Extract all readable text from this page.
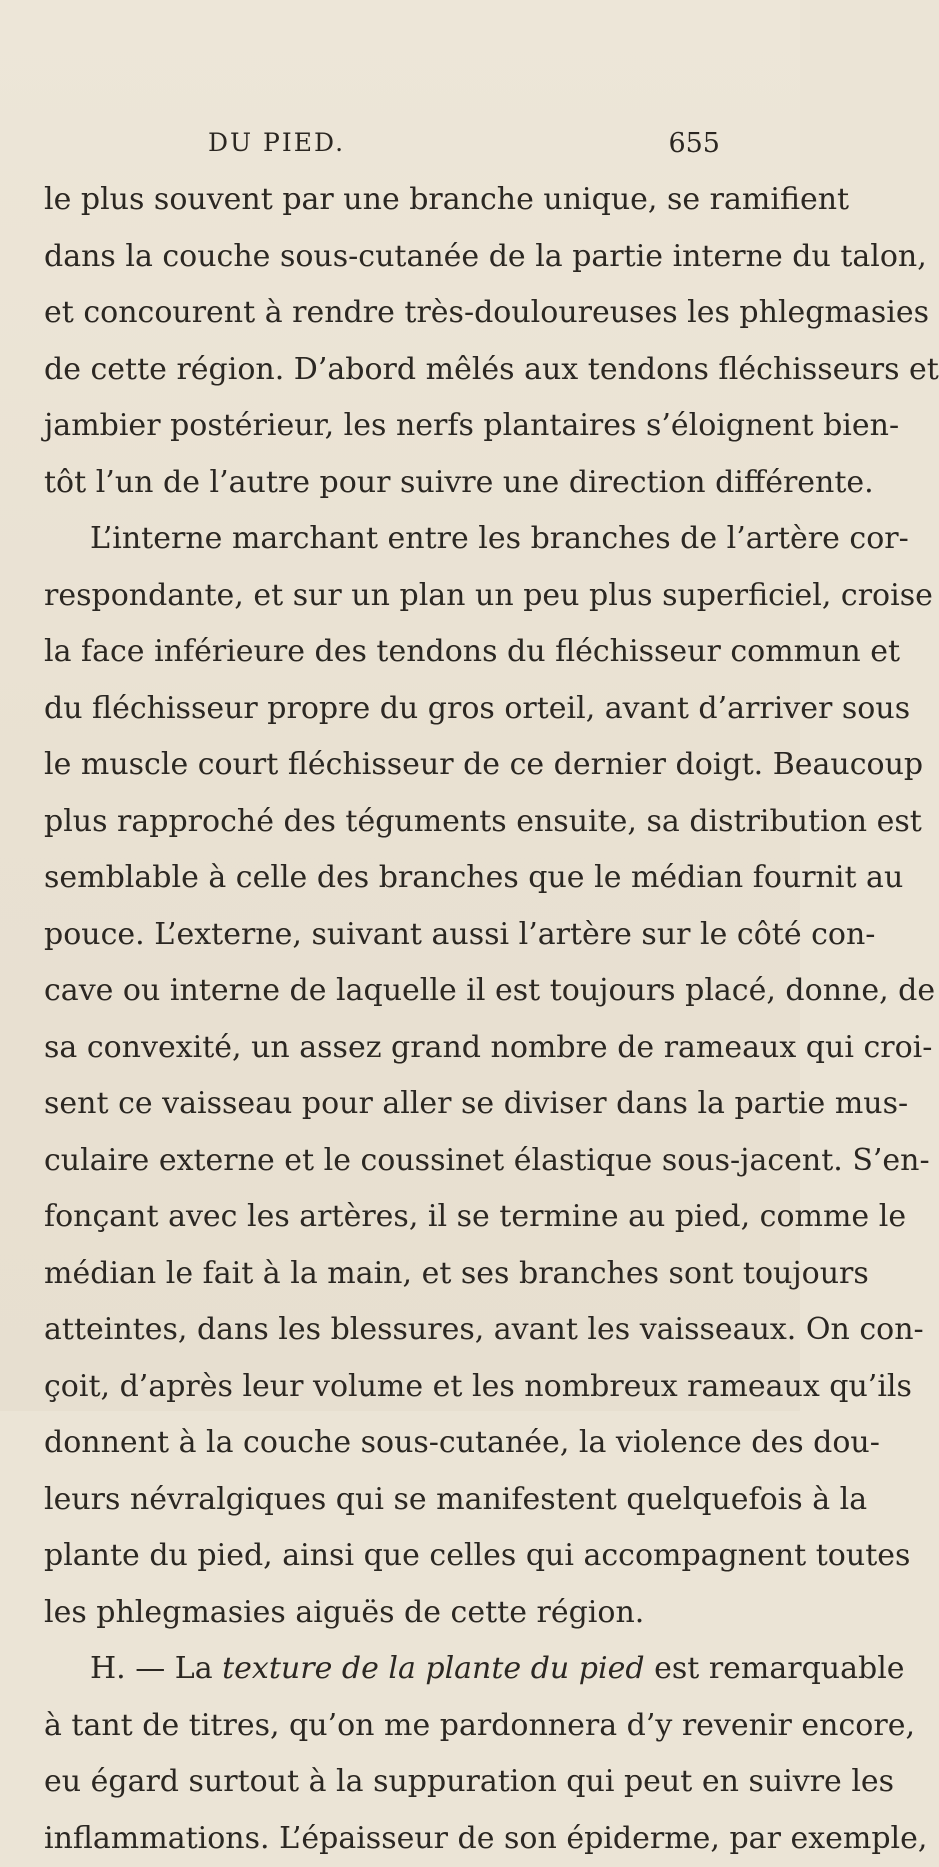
DU PIED.	655

le plus souvent par une branche unique, se ramifient
dans la couche sous-cutanée de la partie interne du talon,
et concourent à rendre très-douloureuses les phlegmasies
de cette région. D’abord mêlés aux tendons fléchisseurs et
jambier postérieur, les nerfs plantaires s’éloignent bien-
tôt l’un de l’autre pour suivre une direction différente.

L’interne marchant entre les branches de l’artère cor-
respondante, et sur un plan un peu plus superficiel, croise
la face inférieure des tendons du fléchisseur commun et
du fléchisseur propre du gros orteil, avant d’arriver sous
le muscle court fléchisseur de ce dernier doigt. Beaucoup
plus rapproché des téguments ensuite, sa distribution est
semblable à celle des branches que le médian fournit au
pouce. L’externe, suivant aussi l’artère sur le côté con-
cave ou interne de laquelle il est toujours placé, donne, de
sa convexité, un assez grand nombre de rameaux qui croi-
sent ce vaisseau pour aller se diviser dans la partie mus-
culaire externe et le coussinet élastique sous-jacent. S’en-
fonçant avec les artères, il se termine au pied, comme le
médian le fait à la main, et ses branches sont toujours
atteintes, dans les blessures, avant les vaisseaux. On con-
çoit, d’après leur volume et les nombreux rameaux qu’ils
donnent à la couche sous-cutanée, la violence des dou-
leurs névralgiques qui se manifestent quelquefois à la
plante du pied, ainsi que celles qui accompagnent toutes
les phlegmasies aiguës de cette région.

H. — La texture de la plante du pied est remarquable
à tant de titres, qu’on me pardonnera d’y revenir encore,
eu égard surtout à la suppuration qui peut en suivre les
inflammations. L’épaisseur de son épiderme, par exemple,
